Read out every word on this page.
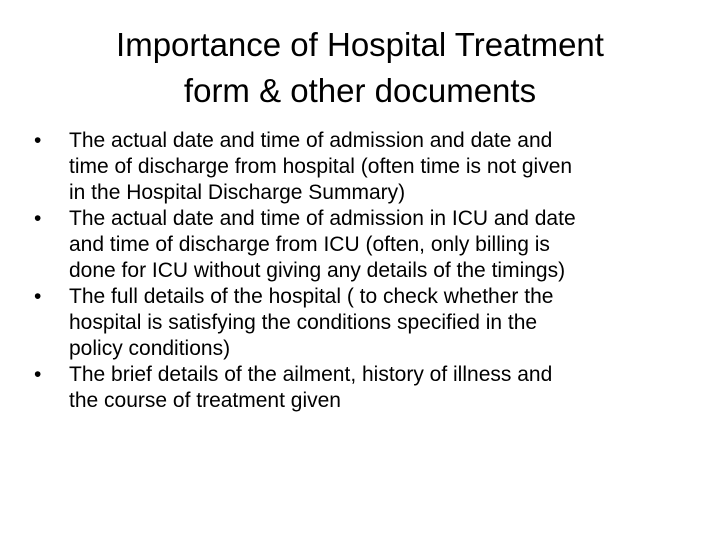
Importance of Hospital Treatment
form & other documents
• The actual date and time of admission and date and
time of discharge from hospital (often time is not given
in the Hospital Discharge Summary)
• The actual date and time of admission in ICU and date
and time of discharge from ICU (often, only billing is
done for ICU without giving any details of the timings)
• The full details of the hospital ( to check whether the
hospital is satisfying the conditions specified in the
policy conditions)
• The brief details of the ailment, history of illness and
the course of treatment given
